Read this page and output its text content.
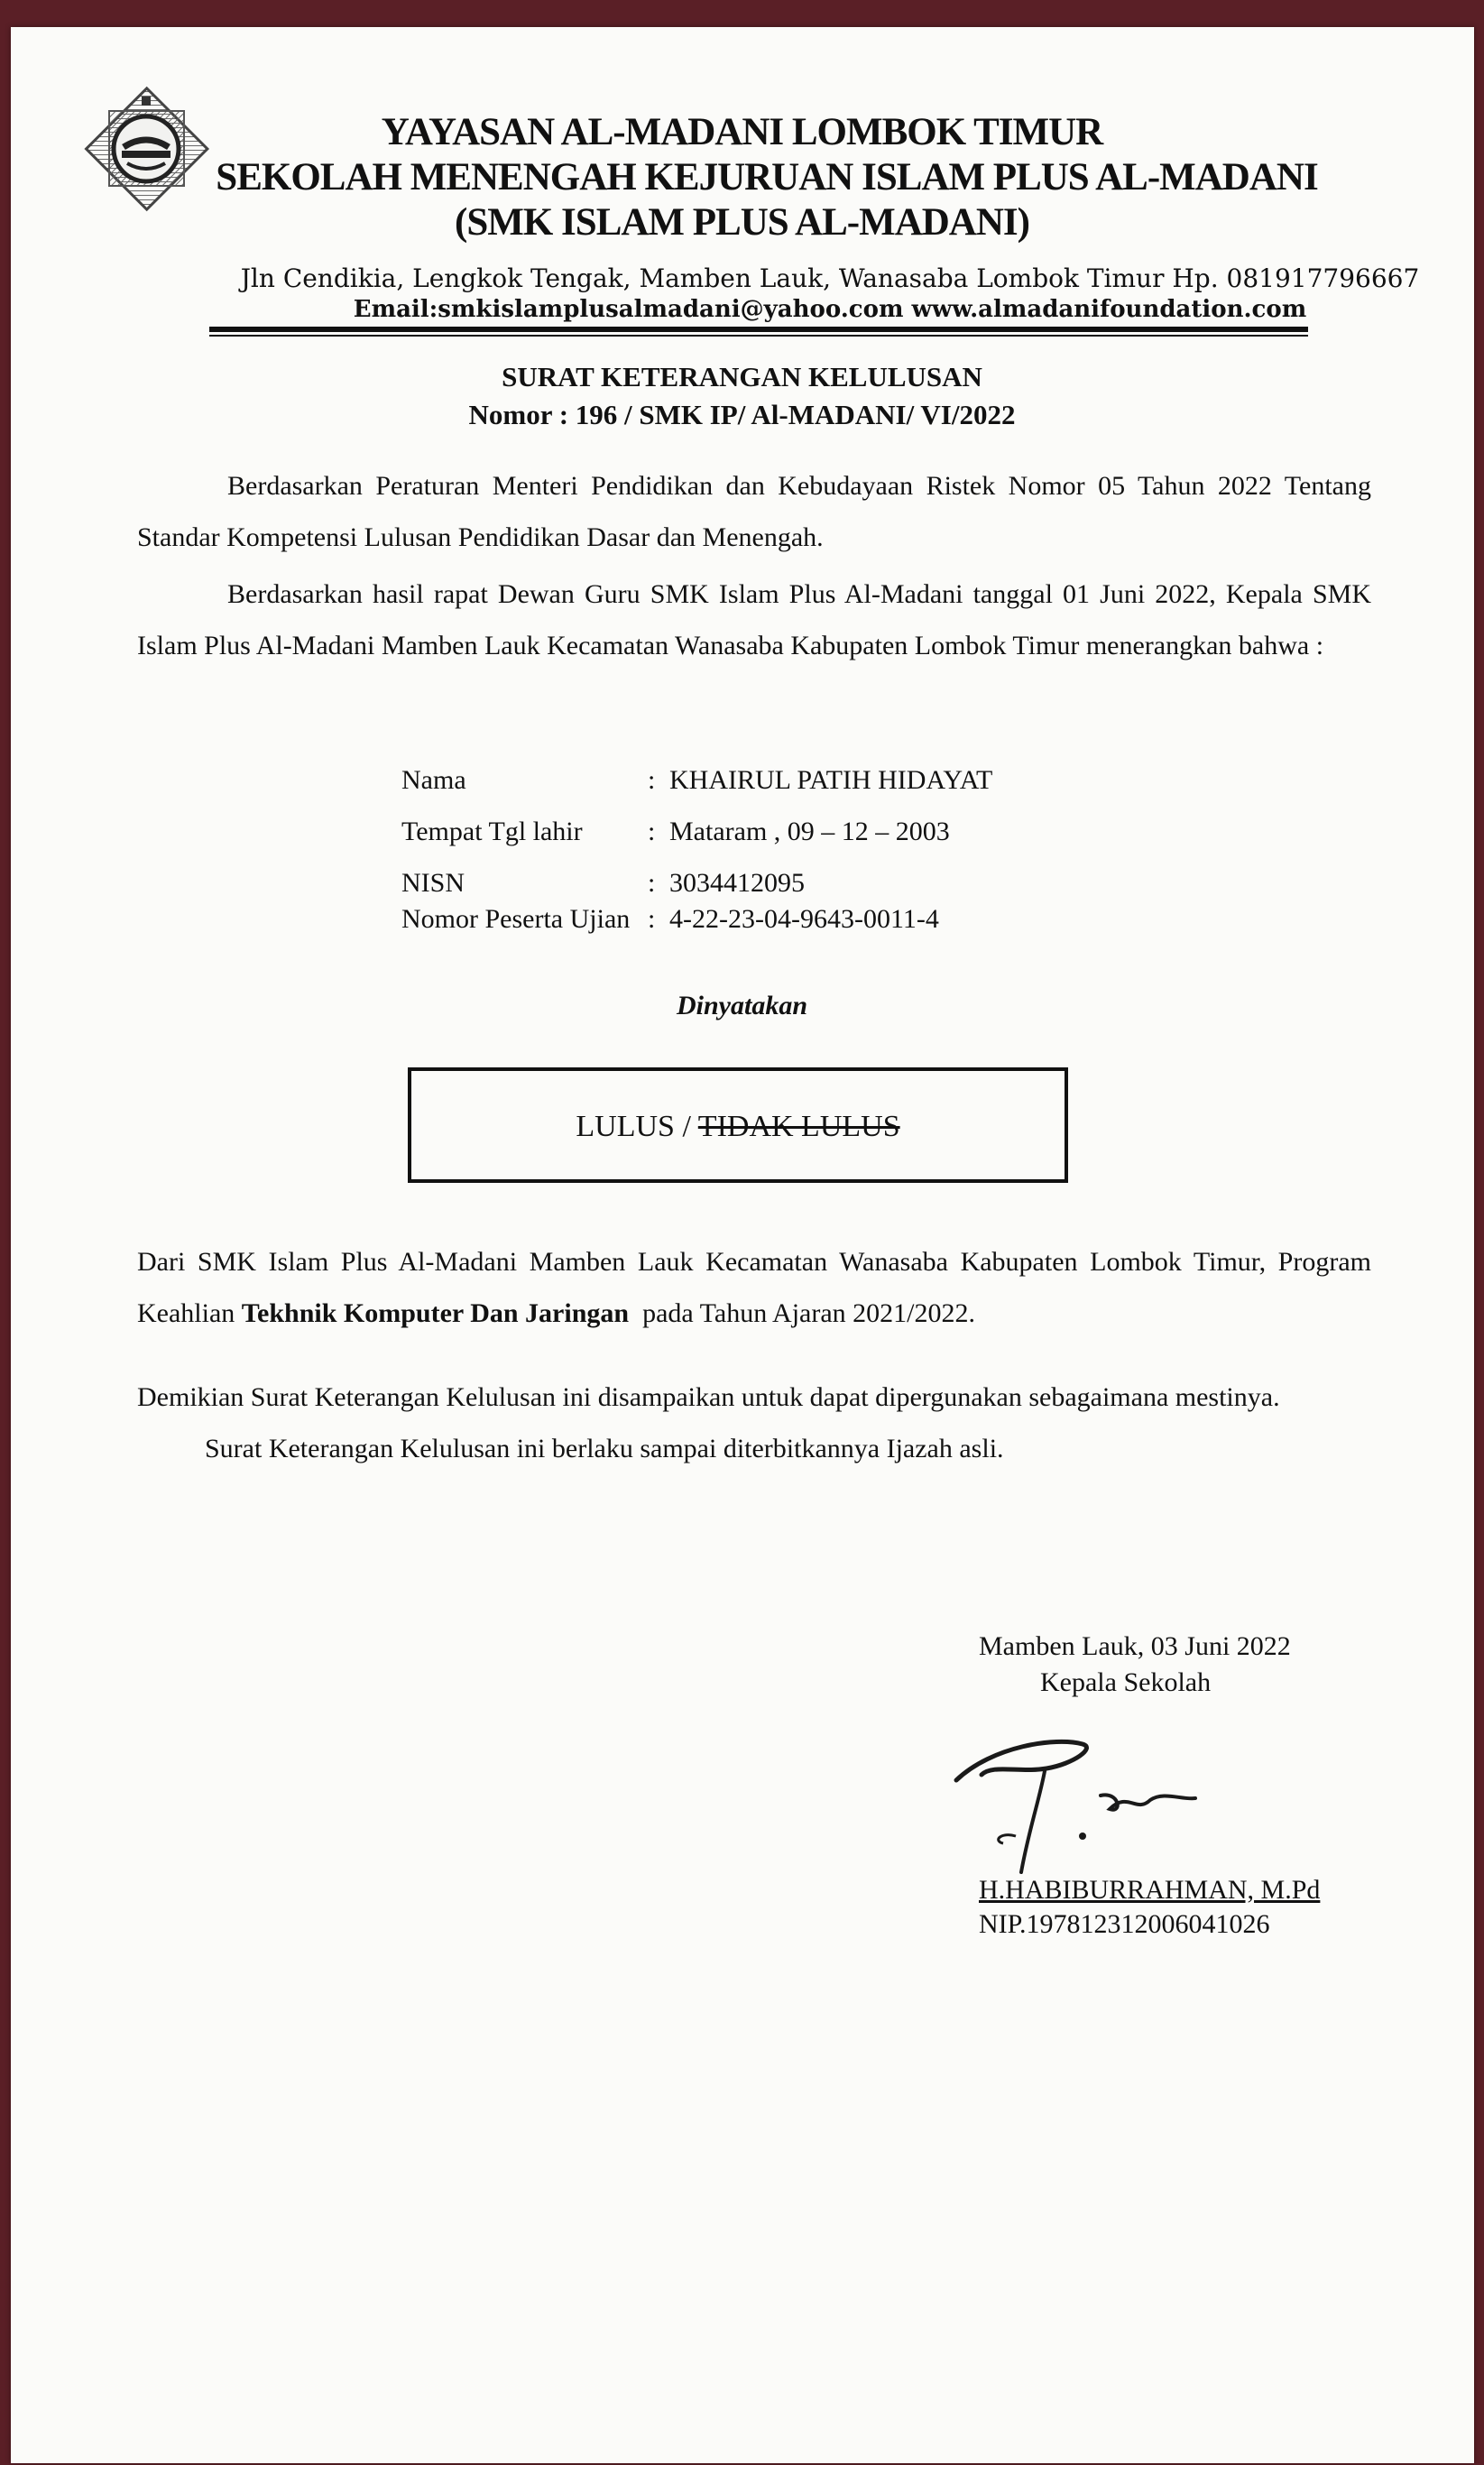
YAYASAN AL-MADANI LOMBOK TIMUR
SEKOLAH MENENGAH KEJURUAN ISLAM PLUS AL-MADANI
(SMK ISLAM PLUS AL-MADANI)
Jln Cendikia, Lengkok Tengak, Mamben Lauk, Wanasaba Lombok Timur Hp. 081917796667
Email:smkislamplusalmadani@yahoo.com www.almadanifoundation.com
SURAT KETERANGAN KELULUSAN
Nomor : 196 / SMK IP/ Al-MADANI/ VI/2022
Berdasarkan Peraturan Menteri Pendidikan dan Kebudayaan Ristek Nomor 05 Tahun 2022 Tentang Standar Kompetensi Lulusan Pendidikan Dasar dan Menengah.
Berdasarkan hasil rapat Dewan Guru SMK Islam Plus Al-Madani tanggal 01 Juni 2022, Kepala SMK Islam Plus Al-Madani Mamben Lauk Kecamatan Wanasaba Kabupaten Lombok Timur menerangkan bahwa :
Nama	: KHAIRUL PATIH HIDAYAT
Tempat Tgl lahir : Mataram , 09 – 12 – 2003
NISN	: 3034412095
Nomor Peserta Ujian : 4-22-23-04-9643-0011-4
Dinyatakan
LULUS / TIDAK LULUS
Dari SMK Islam Plus Al-Madani Mamben Lauk Kecamatan Wanasaba Kabupaten Lombok Timur, Program Keahlian Tekhnik Komputer Dan Jaringan  pada Tahun Ajaran 2021/2022.
Demikian Surat Keterangan Kelulusan ini disampaikan untuk dapat dipergunakan sebagaimana mestinya.
Surat Keterangan Kelulusan ini berlaku sampai diterbitkannya Ijazah asli.
Mamben Lauk, 03 Juni 2022
Kepala Sekolah
H.HABIBURRAHMAN, M.Pd
NIP.197812312006041026
